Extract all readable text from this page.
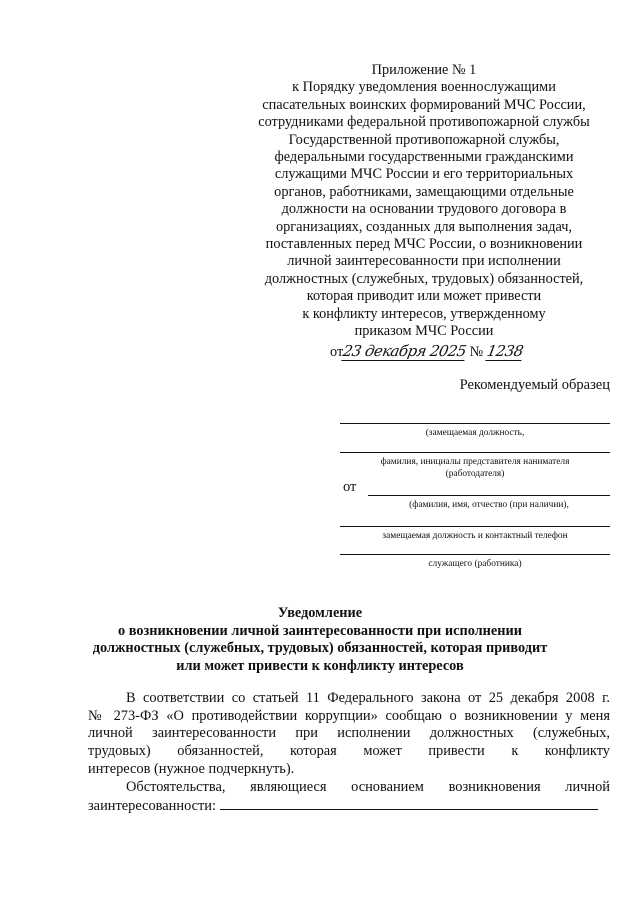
Приложение № 1
к Порядку уведомления военнослужащими
спасательных воинских формирований МЧС России,
сотрудниками федеральной противопожарной службы
Государственной противопожарной службы,
федеральными государственными гражданскими
служащими МЧС России и его территориальных
органов, работниками, замещающими отдельные
должности на основании трудового договора в
организациях, созданных для выполнения задач,
поставленных перед МЧС России, о возникновении
личной заинтересованности при исполнении
должностных (служебных, трудовых) обязанностей,
которая приводит или может привести
к конфликту интересов, утвержденному
приказом МЧС России
от23 декабря 2025 № 1238
Рекомендуемый образец
(замещаемая должность,
фамилия, инициалы представителя нанимателя
(работодателя)
от
(фамилия, имя, отчество (при наличии),
замещаемая должность и контактный телефон
служащего (работника)
Уведомление
о возникновении личной заинтересованности при исполнении
должностных (служебных, трудовых) обязанностей, которая приводит
или может привести к конфликту интересов

В соответствии со статьей 11 Федерального закона от 25 декабря 2008 г.
№ 273-ФЗ «О противодействии коррупции» сообщаю о возникновении у меня
личной заинтересованности при исполнении должностных (служебных,
трудовых) обязанностей, которая может привести к конфликту
интересов (нужное подчеркнуть).

Обстоятельства, являющиеся основанием возникновения личной
заинтересованности:
